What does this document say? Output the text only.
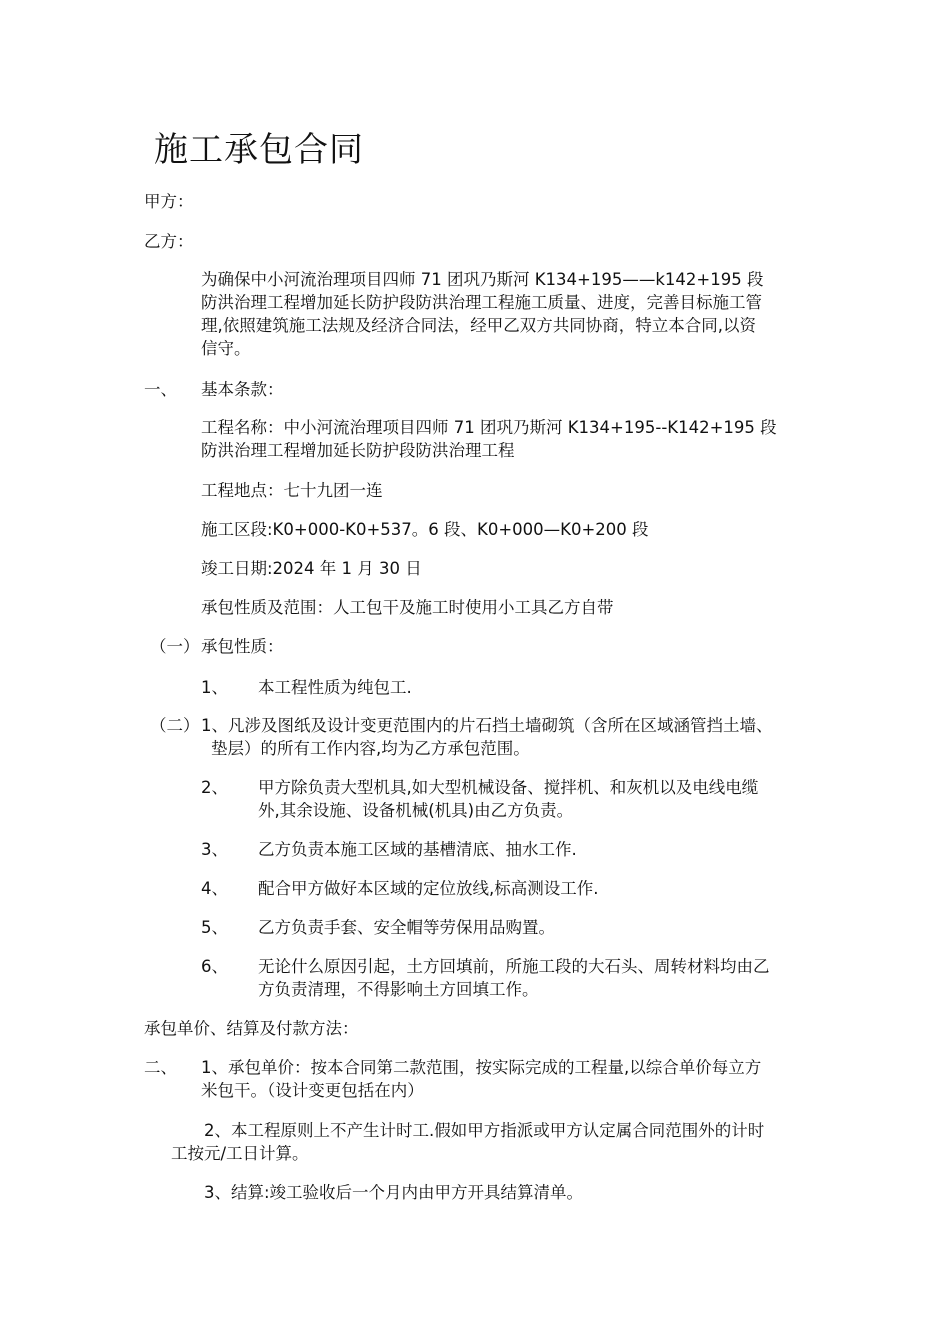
施工承包合同
甲方：
乙方：
为确保中小河流治理项目四师 71 团巩乃斯河 K134+195——k142+195 段
防洪治理工程增加延长防护段防洪治理工程施工质量、进度，完善目标施工管
理,依照建筑施工法规及经济合同法，经甲乙双方共同协商，特立本合同,以资
信守。
一、 基本条款：
工程名称：中小河流治理项目四师 71 团巩乃斯河 K134+195--K142+195 段
防洪治理工程增加延长防护段防洪治理工程
工程地点：七十九团一连
施工区段:K0+000-K0+537。6 段、K0+000—K0+200 段
竣工日期:2024 年 1 月 30 日
承包性质及范围：人工包干及施工时使用小工具乙方自带
（一） 承包性质：
1、 本工程性质为纯包工.
（二） 1、凡涉及图纸及设计变更范围内的片石挡土墙砌筑（含所在区域涵管挡土墙、
垫层）的所有工作内容,均为乙方承包范围。
2、 甲方除负责大型机具,如大型机械设备、搅拌机、和灰机以及电线电缆
外,其余设施、设备机械(机具)由乙方负责。
3、 乙方负责本施工区域的基槽清底、抽水工作.
4、 配合甲方做好本区域的定位放线,标高测设工作.
5、 乙方负责手套、安全帽等劳保用品购置。
6、 无论什么原因引起，土方回填前，所施工段的大石头、周转材料均由乙
方负责清理，不得影响土方回填工作。
承包单价、结算及付款方法：
二、 1、承包单价：按本合同第二款范围，按实际完成的工程量,以综合单价每立方
米包干。（设计变更包括在内）
2、本工程原则上不产生计时工.假如甲方指派或甲方认定属合同范围外的计时
工按元/工日计算。
3、结算:竣工验收后一个月内由甲方开具结算清单。
